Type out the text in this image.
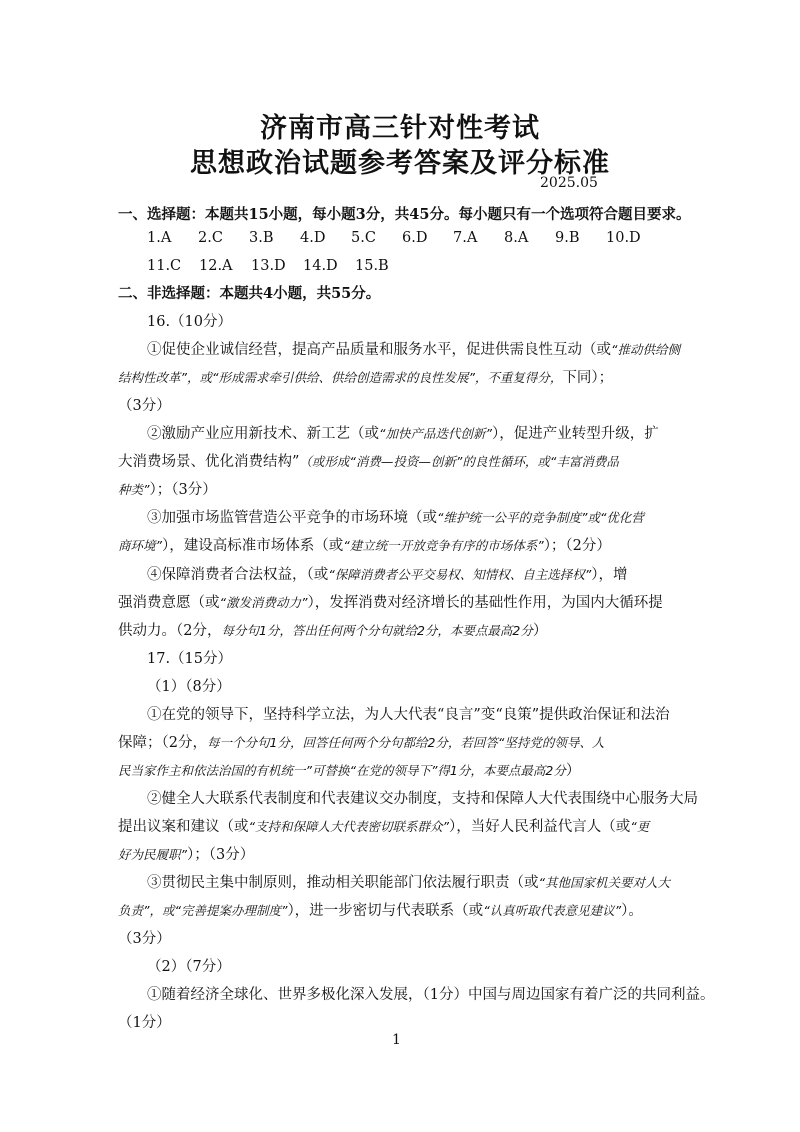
济南市高三针对性考试
思想政治试题参考答案及评分标准
2025.05
一、选择题：本题共15小题，每小题3分，共45分。每小题只有一个选项符合题目要求。
1.A 2.C 3.B 4.D 5.C 6.D 7.A 8.A 9.B 10.D
11.C 12.A 13.D 14.D 15.B
二、非选择题：本题共4小题，共55分。
16.（10分）
①促使企业诚信经营，提高产品质量和服务水平，促进供需良性互动（或“推动供给侧
结构性改革”，或“形成需求牵引供给、供给创造需求的良性发展”，不重复得分，下同）；
（3分）
②激励产业应用新技术、新工艺（或“加快产品迭代创新”），促进产业转型升级，扩
大消费场景、优化消费结构”（或形成“消费—投资—创新”的良性循环，或“丰富消费品
种类”）；（3分）
③加强市场监管营造公平竞争的市场环境（或“维护统一公平的竞争制度”或“优化营
商环境”），建设高标准市场体系（或“建立统一开放竞争有序的市场体系”）；（2分）
④保障消费者合法权益，（或“保障消费者公平交易权、知情权、自主选择权”），增
强消费意愿（或“激发消费动力”），发挥消费对经济增长的基础性作用，为国内大循环提
供动力。（2分，每分句1分，答出任何两个分句就给2分，本要点最高2分）
17.（15分）
（1）（8分）
①在党的领导下，坚持科学立法，为人大代表“良言”变“良策”提供政治保证和法治
保障；（2分，每一个分句1分，回答任何两个分句都给2分，若回答“坚持党的领导、人
民当家作主和依法治国的有机统一”可替换“在党的领导下”得1分，本要点最高2分）
②健全人大联系代表制度和代表建议交办制度，支持和保障人大代表围绕中心服务大局
提出议案和建议（或“支持和保障人大代表密切联系群众”），当好人民利益代言人（或“更
好为民履职”）；（3分）
③贯彻民主集中制原则，推动相关职能部门依法履行职责（或“其他国家机关要对人大
负责”，或“完善提案办理制度”），进一步密切与代表联系（或“认真听取代表意见建议”）。
（3分）
（2）（7分）
①随着经济全球化、世界多极化深入发展，（1分）中国与周边国家有着广泛的共同利益。
（1分）
1
